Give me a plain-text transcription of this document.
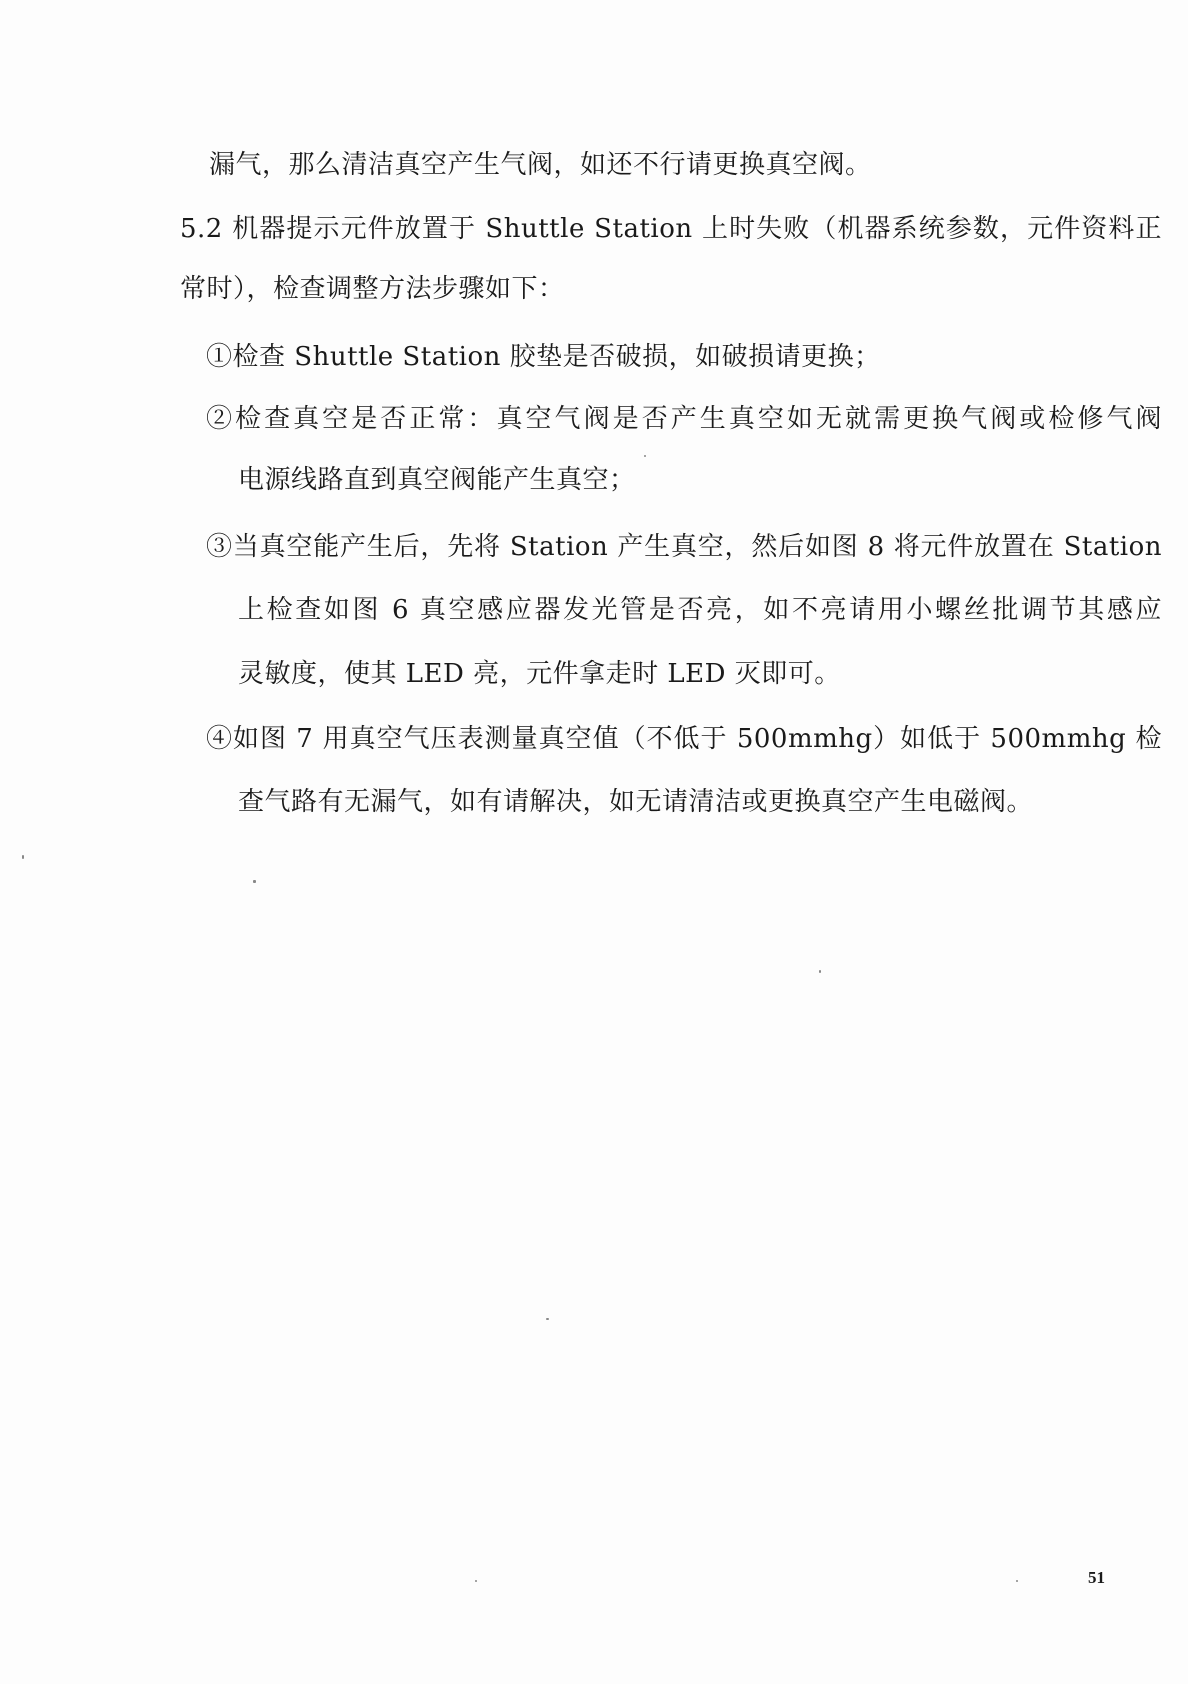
漏气，那么清洁真空产生气阀，如还不行请更换真空阀。
5.2 机器提示元件放置于 Shuttle Station 上时失败（机器系统参数，元件资料正
常时），检查调整方法步骤如下：
①检查 Shuttle Station 胶垫是否破损，如破损请更换；
②检查真空是否正常：真空气阀是否产生真空如无就需更换气阀或检修气阀
电源线路直到真空阀能产生真空；
③当真空能产生后，先将 Station 产生真空，然后如图 8 将元件放置在 Station
上检查如图 6 真空感应器发光管是否亮，如不亮请用小螺丝批调节其感应
灵敏度，使其 LED 亮，元件拿走时 LED 灭即可。
④如图 7 用真空气压表测量真空值（不低于 500mmhg）如低于 500mmhg 检
查气路有无漏气，如有请解决，如无请清洁或更换真空产生电磁阀。
51
